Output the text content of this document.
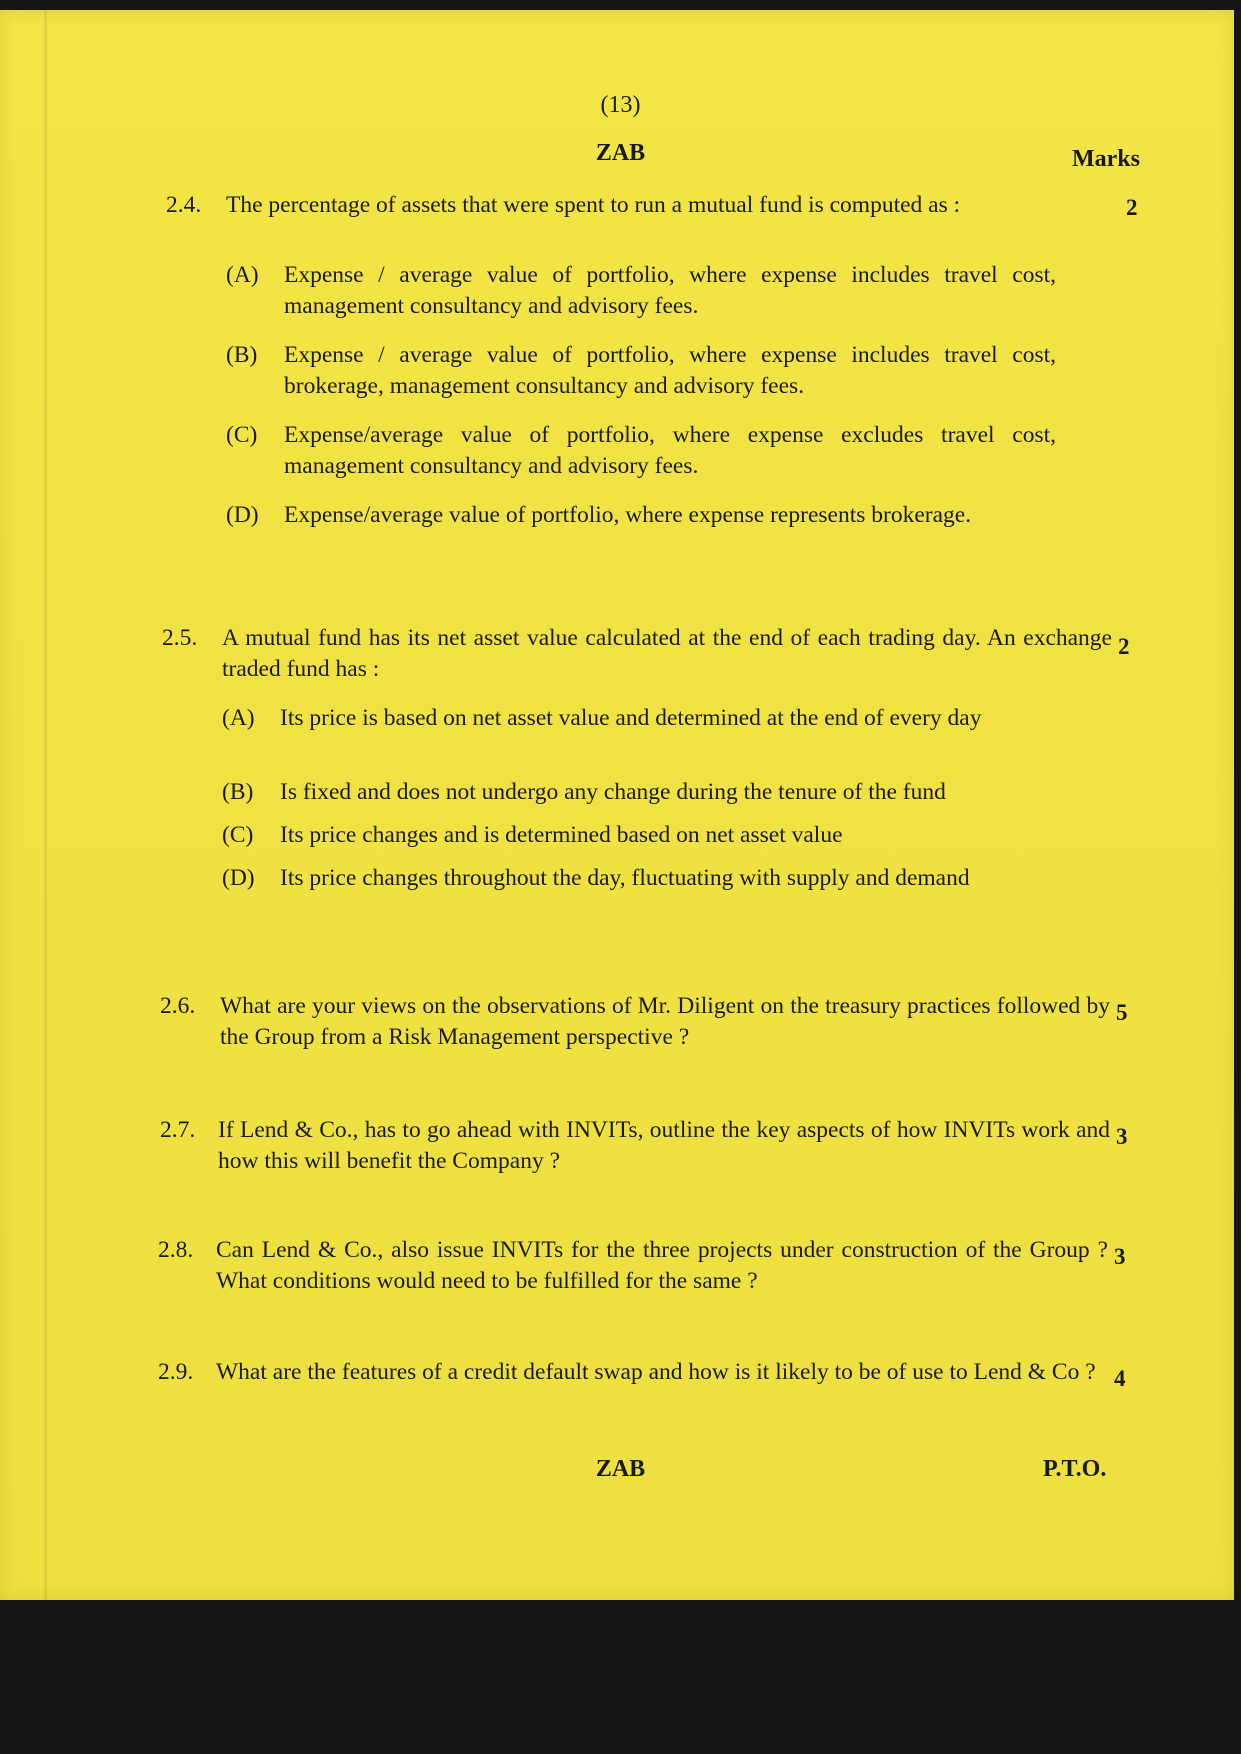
(13)
ZAB	Marks
2.4. The percentage of assets that were spent to run a mutual fund is computed as :	2
(A) Expense / average value of portfolio, where expense includes travel cost, management consultancy and advisory fees.
(B) Expense / average value of portfolio, where expense includes travel cost, brokerage, management consultancy and advisory fees.
(C) Expense/average value of portfolio, where expense excludes travel cost, management consultancy and advisory fees.
(D) Expense/average value of portfolio, where expense represents brokerage.
2.5. A mutual fund has its net asset value calculated at the end of each trading day. An exchange traded fund has :
2
(A) Its price is based on net asset value and determined at the end of every day
(B) Is fixed and does not undergo any change during the tenure of the fund
(C) Its price changes and is determined based on net asset value
(D) Its price changes throughout the day, fluctuating with supply and demand
2.6. What are your views on the observations of Mr. Diligent on the treasury practices followed by the Group from a Risk Management perspective ?
5
2.7. If Lend & Co., has to go ahead with INVITs, outline the key aspects of how INVITs work and how this will benefit the Company ?
3
2.8. Can Lend & Co., also issue INVITs for the three projects under construction of the Group ? What conditions would need to be fulfilled for the same ?
3
2.9. What are the features of a credit default swap and how is it likely to be of use to Lend & Co ? 4
ZAB	P.T.O.
